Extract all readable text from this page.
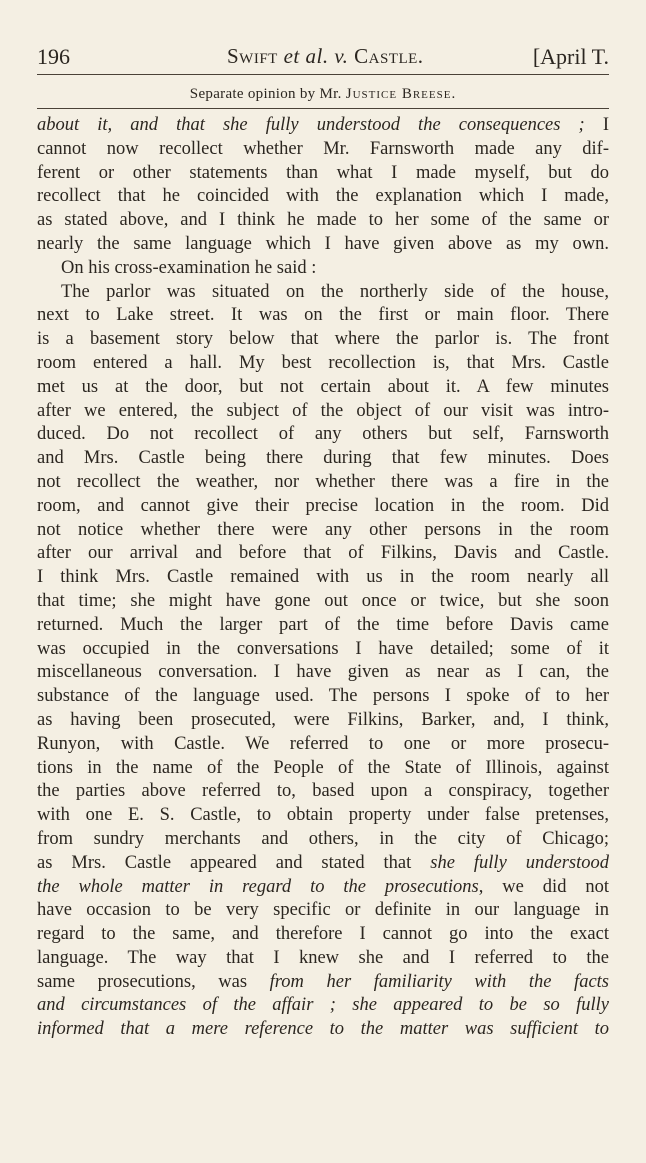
196	Swift et al. v. Castle.	[April T.
Separate opinion by Mr. Justice Breese.
about it, and that she fully understood the consequences ; I
cannot now recollect whether Mr. Farnsworth made any dif-
ferent or other statements than what I made myself, but do
recollect that he coincided with the explanation which I made,
as stated above, and I think he made to her some of the same or
nearly the same language which I have given above as my own.
On his cross-examination he said :
The parlor was situated on the northerly side of the house,
next to Lake street. It was on the first or main floor. There
is a basement story below that where the parlor is. The front
room entered a hall. My best recollection is, that Mrs. Castle
met us at the door, but not certain about it. A few minutes
after we entered, the subject of the object of our visit was intro-
duced. Do not recollect of any others but self, Farnsworth
and Mrs. Castle being there during that few minutes. Does
not recollect the weather, nor whether there was a fire in the
room, and cannot give their precise location in the room. Did
not notice whether there were any other persons in the room
after our arrival and before that of Filkins, Davis and Castle.
I think Mrs. Castle remained with us in the room nearly all
that time; she might have gone out once or twice, but she soon
returned. Much the larger part of the time before Davis came
was occupied in the conversations I have detailed; some of it
miscellaneous conversation. I have given as near as I can, the
substance of the language used. The persons I spoke of to her
as having been prosecuted, were Filkins, Barker, and, I think,
Runyon, with Castle. We referred to one or more prosecu-
tions in the name of the People of the State of Illinois, against
the parties above referred to, based upon a conspiracy, together
with one E. S. Castle, to obtain property under false pretenses,
from sundry merchants and others, in the city of Chicago;
as Mrs. Castle appeared and stated that she fully understood
the whole matter in regard to the prosecutions, we did not
have occasion to be very specific or definite in our language in
regard to the same, and therefore I cannot go into the exact
language. The way that I knew she and I referred to the
same prosecutions, was from her familiarity with the facts
and circumstances of the affair ; she appeared to be so fully
informed that a mere reference to the matter was sufficient to
